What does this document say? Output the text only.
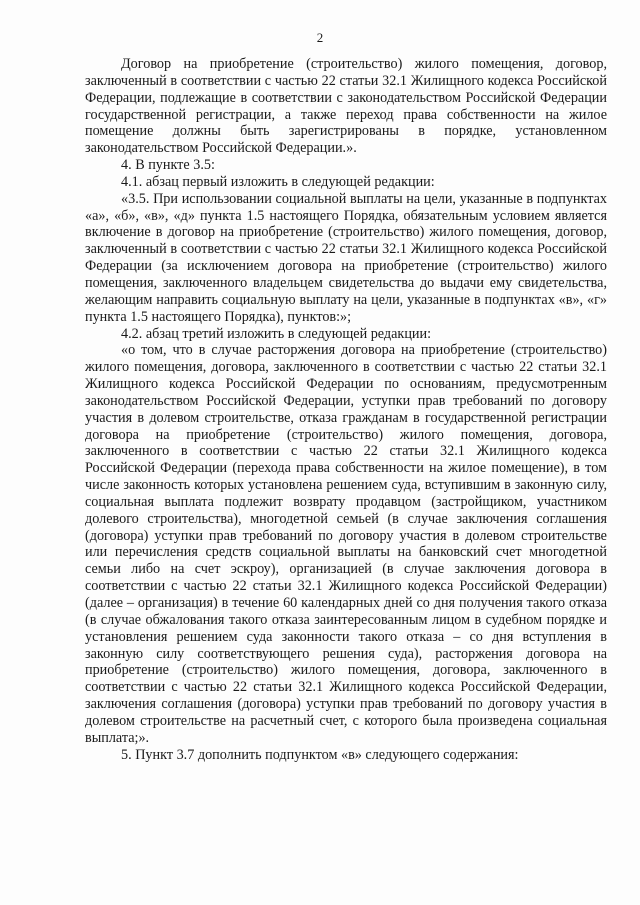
2

Договор на приобретение (строительство) жилого помещения, договор, заключенный в соответствии с частью 22 статьи 32.1 Жилищного кодекса Российской Федерации, подлежащие в соответствии с законодательством Российской Федерации государственной регистрации, а также переход права собственности на жилое помещение должны быть зарегистрированы в порядке, установленном законодательством Российской Федерации.».

4. В пункте 3.5:

4.1. абзац первый изложить в следующей редакции:

«3.5. При использовании социальной выплаты на цели, указанные в подпунктах «а», «б», «в», «д» пункта 1.5 настоящего Порядка, обязательным условием является включение в договор на приобретение (строительство) жилого помещения, договор, заключенный в соответствии с частью 22 статьи 32.1 Жилищного кодекса Российской Федерации (за исключением договора на приобретение (строительство) жилого помещения, заключенного владельцем свидетельства до выдачи ему свидетельства, желающим направить социальную выплату на цели, указанные в подпунктах «в», «г» пункта 1.5 настоящего Порядка), пунктов:»;

4.2. абзац третий изложить в следующей редакции:

«о том, что в случае расторжения договора на приобретение (строительство) жилого помещения, договора, заключенного в соответствии с частью 22 статьи 32.1 Жилищного кодекса Российской Федерации по основаниям, предусмотренным законодательством Российской Федерации, уступки прав требований по договору участия в долевом строительстве, отказа гражданам в государственной регистрации договора на приобретение (строительство) жилого помещения, договора, заключенного в соответствии с частью 22 статьи 32.1 Жилищного кодекса Российской Федерации (перехода права собственности на жилое помещение), в том числе законность которых установлена решением суда, вступившим в законную силу, социальная выплата подлежит возврату продавцом (застройщиком, участником долевого строительства), многодетной семьей (в случае заключения соглашения (договора) уступки прав требований по договору участия в долевом строительстве или перечисления средств социальной выплаты на банковский счет многодетной семьи либо на счет эскроу), организацией (в случае заключения договора в соответствии с частью 22 статьи 32.1 Жилищного кодекса Российской Федерации) (далее – организация) в течение 60 календарных дней со дня получения такого отказа (в случае обжалования такого отказа заинтересованным лицом в судебном порядке и установления решением суда законности такого отказа – со дня вступления в законную силу соответствующего решения суда), расторжения договора на приобретение (строительство) жилого помещения, договора, заключенного в соответствии с частью 22 статьи 32.1 Жилищного кодекса Российской Федерации, заключения соглашения (договора) уступки прав требований по договору участия в долевом строительстве на расчетный счет, с которого была произведена социальная выплата;».

5. Пункт 3.7 дополнить подпунктом «в» следующего содержания:
